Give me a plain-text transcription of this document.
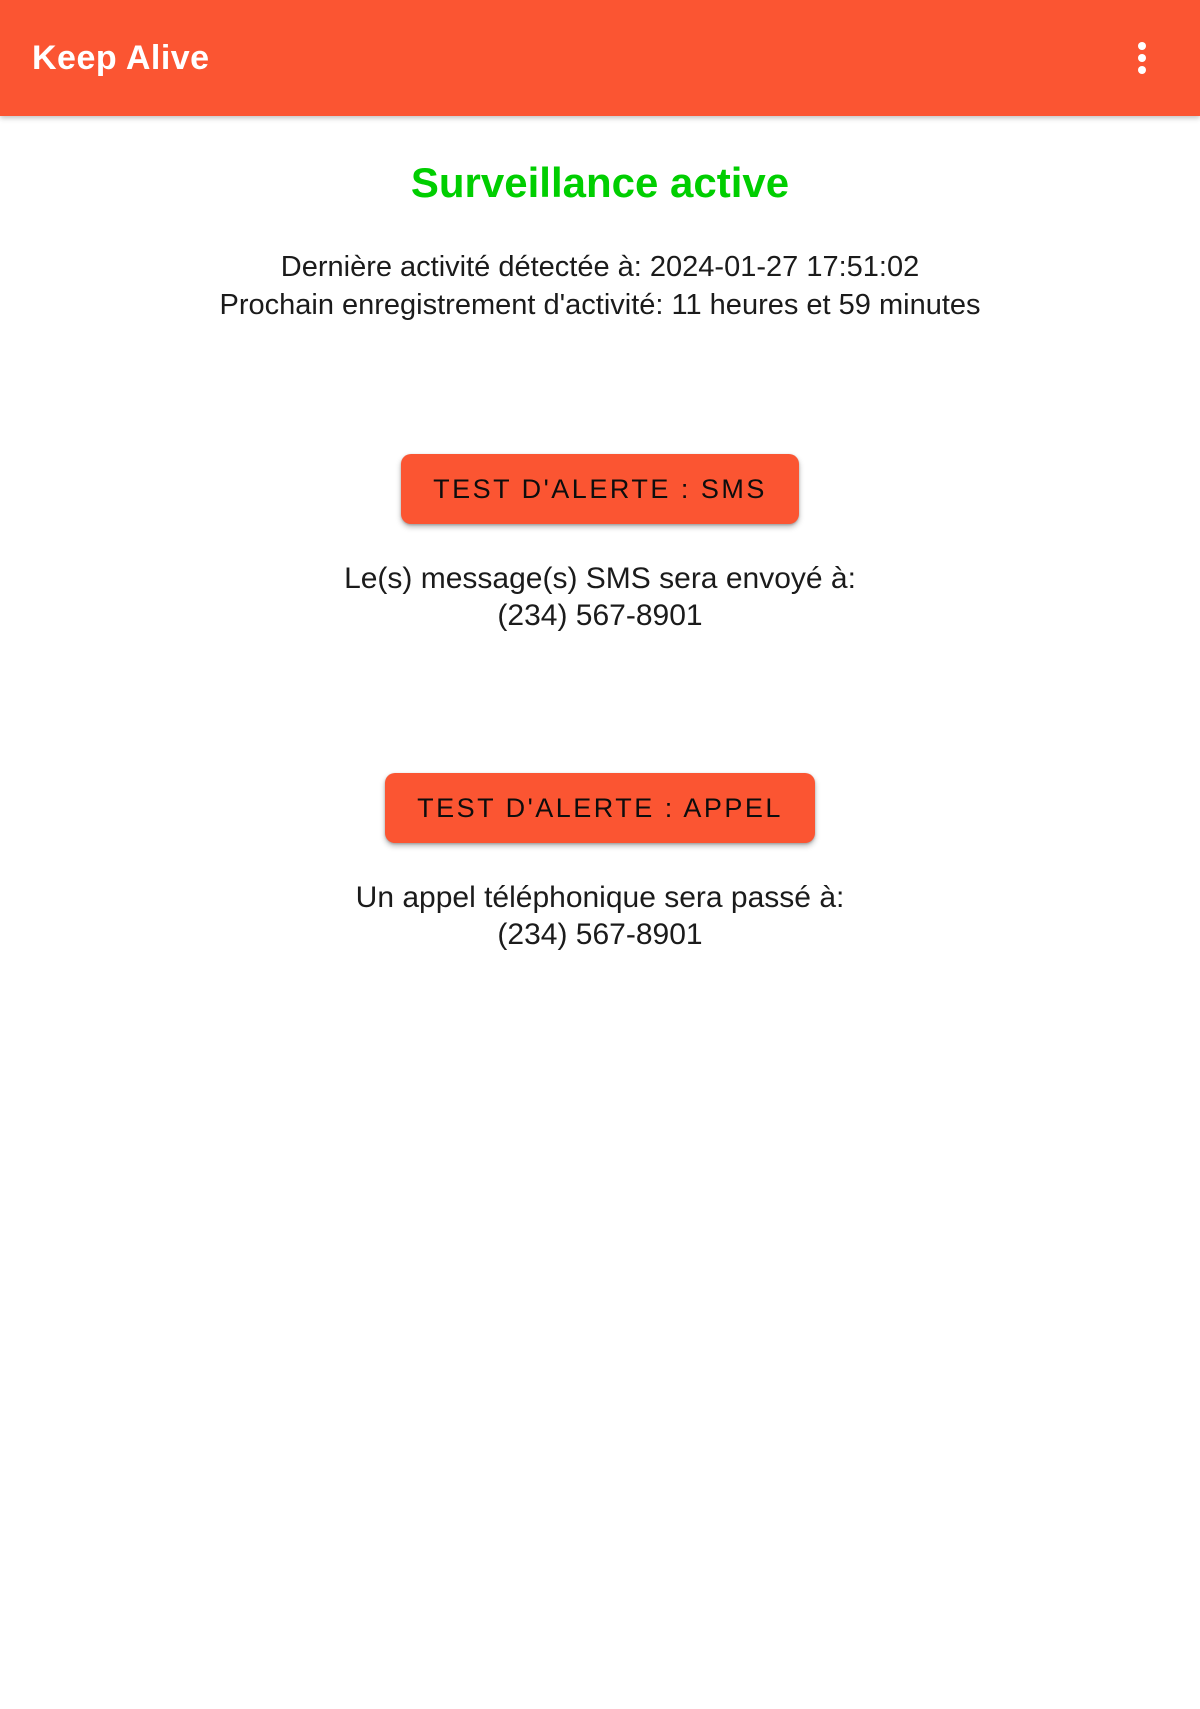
Keep Alive
Surveillance active
Dernière activité détectée à: 2024-01-27 17:51:02
Prochain enregistrement d'activité: 11 heures et 59 minutes
TEST D'ALERTE : SMS
Le(s) message(s) SMS sera envoyé à:
(234) 567-8901
TEST D'ALERTE : APPEL
Un appel téléphonique sera passé à:
(234) 567-8901
